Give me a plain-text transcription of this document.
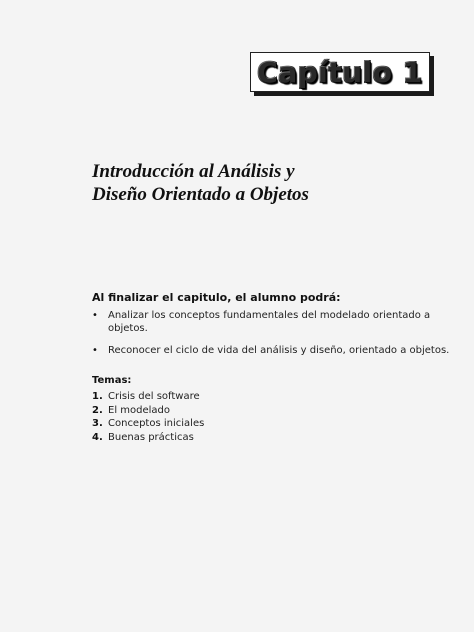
Capítulo 1
Introducción al Análisis y
Diseño Orientado a Objetos
Al finalizar el capitulo, el alumno podrá:
• Analizar los conceptos fundamentales del modelado orientado a objetos.
• Reconocer el ciclo de vida del análisis y diseño, orientado a objetos.
Temas:
1. Crisis del software
2. El modelado
3. Conceptos iniciales
4. Buenas prácticas
